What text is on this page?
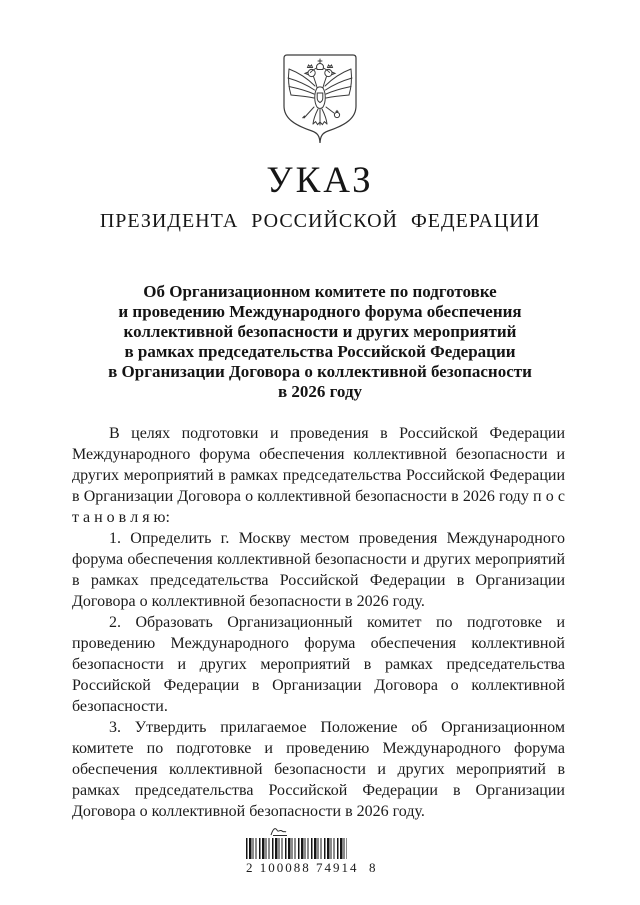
УКАЗ
ПРЕЗИДЕНТА РОССИЙСКОЙ ФЕДЕРАЦИИ
Об Организационном комитете по подготовке
и проведению Международного форума обеспечения
коллективной безопасности и других мероприятий
в рамках председательства Российской Федерации
в Организации Договора о коллективной безопасности
в 2026 году

В целях подготовки и проведения в Российской Федерации Международного форума обеспечения коллективной безопасности и других мероприятий в рамках председательства Российской Федерации в Организации Договора о коллективной безопасности в 2026 году п о с т а н о в л я ю:

1. Определить г. Москву местом проведения Международного форума обеспечения коллективной безопасности и других мероприятий в рамках председательства Российской Федерации в Организации Договора о коллективной безопасности в 2026 году.

2. Образовать Организационный комитет по подготовке и проведению Международного форума обеспечения коллективной безопасности и других мероприятий в рамках председательства Российской Федерации в Организации Договора о коллективной безопасности.

3. Утвердить прилагаемое Положение об Организационном комитете по подготовке и проведению Международного форума обеспечения коллективной безопасности и других мероприятий в рамках председательства Российской Федерации в Организации Договора о коллективной безопасности в 2026 году.

2 100088 74914  8
